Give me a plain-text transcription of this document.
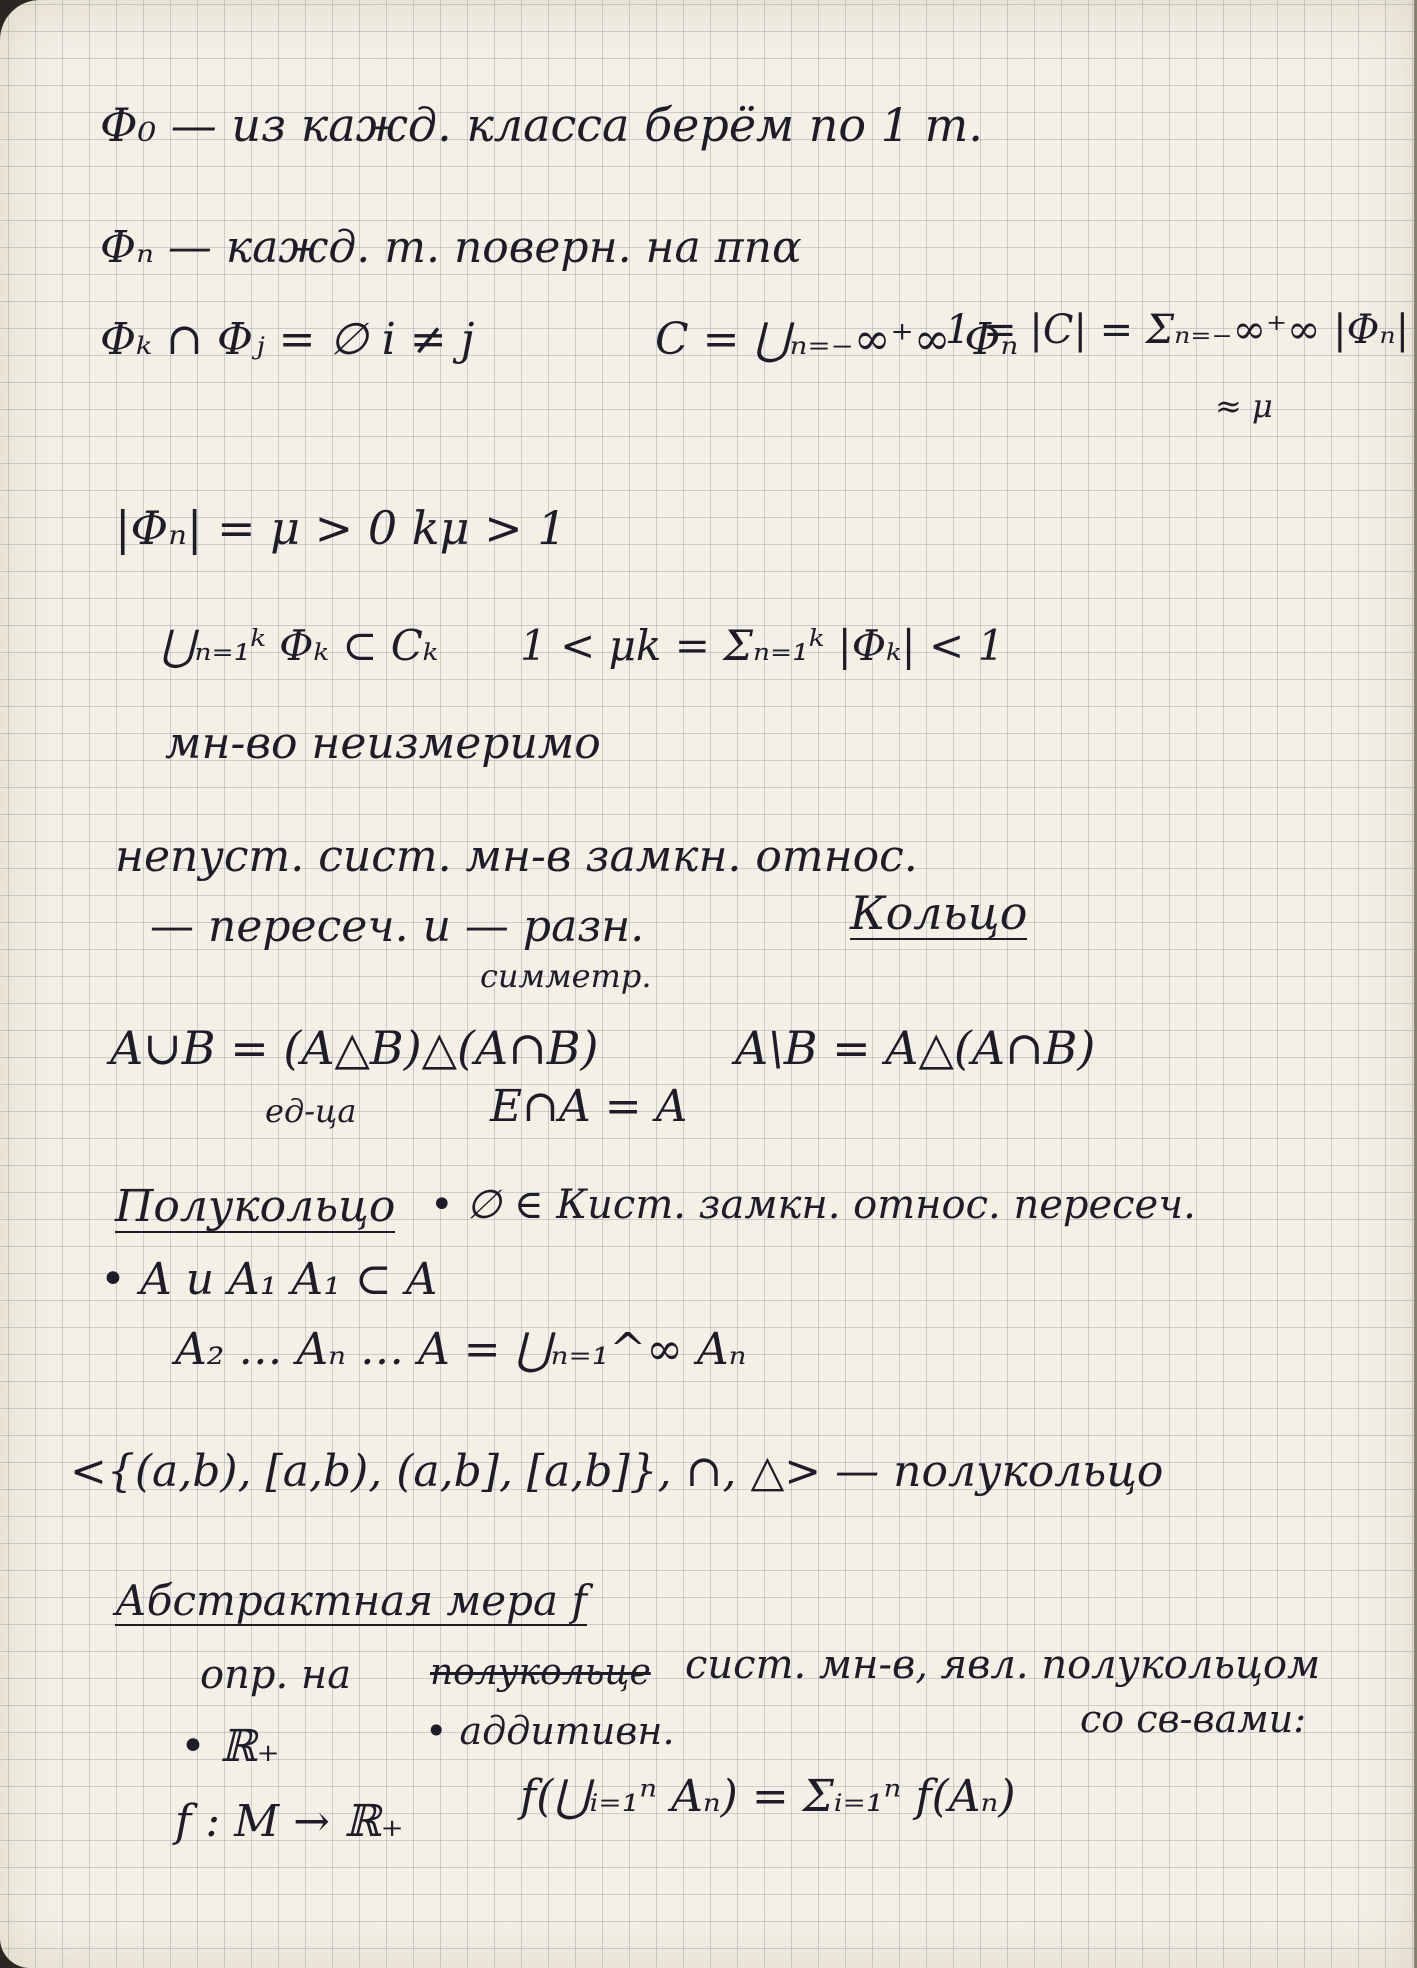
Φ₀ — из кажд. класса берём по 1 т.
Φₙ — кажд. т. поверн. на πnα
Φₖ ∩ Φⱼ = ∅ i ≠ j	C = ⋃ₙ₌₋∞⁺∞ Φₙ
1 = |C| = Σₙ₌₋∞⁺∞ |Φₙ|
≈ μ
|Φₙ| = μ > 0 kμ > 1
⋃ₙ₌₁ᵏ Φₖ ⊂ Cₖ 1 < μk = Σₙ₌₁ᵏ |Φₖ| < 1
мн-во неизмеримо
непуст. сист. мн-в замкн. относ.
— пересеч. и — разн.
симметр.
Кольцо
A∪B = (A△B)△(A∩B)	A\B = A△(A∩B)
ед-ца	E∩A = A
Полукольцо • ∅ ∈ Кист. замкн. относ. пересеч.
• A и A₁ A₁ ⊂ A
A₂ … Aₙ … A = ⋃ₙ₌₁^∞ Aₙ
<{(a,b), [a,b), (a,b], [a,b]}, ∩, △> — полукольцо
Абстрактная мера f
опр. на полукольце сист. мн-в, явл. полукольцом
со св-вами:
• ℝ₊	• аддитивн.
f : M → ℝ₊	f(⋃ᵢ₌₁ⁿ Aₙ) = Σᵢ₌₁ⁿ f(Aₙ)
